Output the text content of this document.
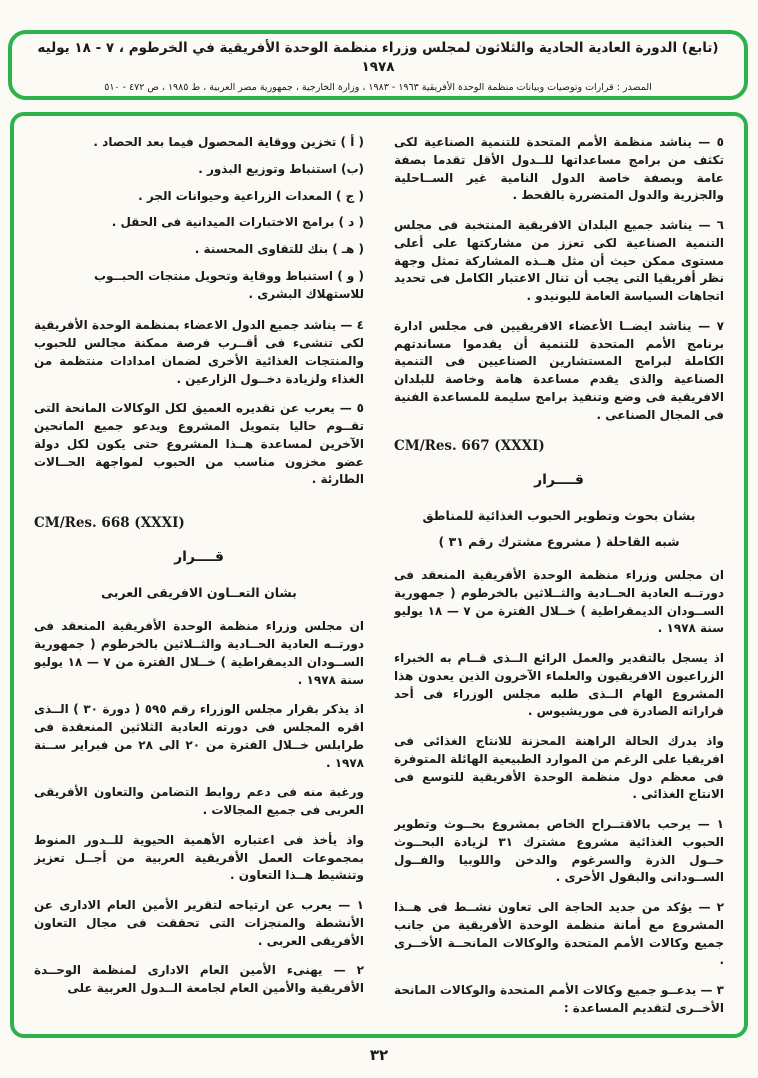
(تابع) الدورة العادية الحادية والثلاثون لمجلس وزراء منظمة الوحدة الأفريقية في الخرطوم ، ٧ - ١٨ يوليه ١٩٧٨
المصدر : قرارات وتوصيات وبيانات منظمة الوحدة الأفريقية ١٩٦٣ - ١٩٨٣ ، وزارة الخارجية ، جمهورية مصر العربية ، ط ١٩٨٥ ، ص ٤٧٢ - ٥١٠

٥ — يناشد منظمة الأمم المتحدة للتنمية الصناعية لكى تكثف من برامج مساعداتها للــدول الأقل تقدما بصفة عامة وبصفة خاصة الدول النامية غير الســاحلية والجزرية والدول المتضررة بالقحط .

٦ — يناشد جميع البلدان الافريقية المنتخبة فى مجلس التنمية الصناعية لكى تعزز من مشاركتها على أعلى مستوى ممكن حيث أن مثل هــذه المشاركة تمثل وجهة نظر أفريقيا التى يجب أن تنال الاعتبار الكامل فى تحديد اتجاهات السياسة العامة لليونيدو .

٧ — يناشد ايضــا الأعضاء الافريقيين فى مجلس ادارة برنامج الأمم المتحدة للتنمية أن يقدموا مساندتهم الكاملة لبرامج المستشارين الصناعيين فى التنمية الصناعية والذى يقدم مساعدة هامة وخاصة للبلدان الافريقية فى وضع وتنفيذ برامج سليمة للمساعدة الفنية فى المجال الصناعى .

CM/Res. 667 (XXXI)
قــــرار
بشان بحوث وتطوير الحبوب الغذائية للمناطق
شبه القاحلة ( مشروع مشترك رقم ٣١ )

ان مجلس وزراء منظمة الوحدة الأفريقية المنعقد فى دورتــه العادية الحــادية والثــلاثين بالخرطوم ( جمهورية الســودان الديمقراطية ) خــلال الفترة من ٧ — ١٨ يوليو سنة ١٩٧٨ .

اذ يسجل بالتقدير والعمل الرائع الــذى قــام به الخبراء الزراعيون الافريقيون والعلماء الآخرون الذين يعدون هذا المشروع الهام الــذى طلبه مجلس الوزراء فى أحد قراراته الصادرة فى موريشيوس .

واذ يدرك الحالة الراهنة المحزنة للانتاج الغذائى فى افريقيا على الرغم من الموارد الطبيعية الهائلة المتوفرة فى معظم دول منظمة الوحدة الأفريقية للتوسع فى الانتاج الغذائى .

١ — يرحب بالاقتــراح الخاص بمشروع بحــوث وتطوير الحبوب الغذائية مشروع مشترك ٣١ لزيادة البحــوث حــول الذرة والسرغوم والدخن واللوبيا والفــول الســودانى والبقول الأخرى .

٢ — يؤكد من جديد الحاجة الى تعاون نشــط فى هــذا المشروع مع أمانة منظمة الوحدة الأفريقية من جانب جميع وكالات الأمم المتحدة والوكالات المانحــة الأخــرى .

٣ — يدعــو جميع وكالات الأمم المتحدة والوكالات المانحة الأخــرى لتقديم المساعدة :

( أ ) تخزين ووقاية المحصول فيما بعد الحصاد .
(ب) استنباط وتوزيع البذور .
( ج ) المعدات الزراعية وحيوانات الجر .
( د ) برامج الاختبارات الميدانية فى الحقل .
( هـ ) بنك للتقاوى المحسنة .
( و ) استنباط ووقاية وتحويل منتجات الحبــوب للاستهلاك البشرى .

٤ — يناشد جميع الدول الاعضاء بمنظمة الوحدة الأفريقية لكى تنشىء فى أقــرب فرصة ممكنة مجالس للحبوب والمنتجات الغذائية الأخرى لضمان امدادات منتظمة من الغذاء ولزيادة دخــول الزارعين .

٥ — يعرب عن تقديره العميق لكل الوكالات المانحة التى تقــوم حاليا بتمويل المشروع ويدعو جميع المانحين الآخرين لمساعدة هــذا المشروع حتى يكون لكل دولة عضو مخزون مناسب من الحبوب لمواجهة الحــالات الطارئة .

CM/Res. 668 (XXXI)
قــــرار
بشان التعــاون الافريقى العربى

ان مجلس وزراء منظمة الوحدة الأفريقية المنعقد فى دورتــه العادية الحــادية والثــلاثين بالخرطوم ( جمهورية الســودان الديمقراطية ) خــلال الفترة من ٧ — ١٨ يوليو سنة ١٩٧٨ .

اذ يذكر بقرار مجلس الوزراء رقم ٥٩٥ ( دورة ٣٠ ) الــذى اقره المجلس فى دورته العادية الثلاثين المنعقدة فى طرابلس خــلال الفترة من ٢٠ الى ٢٨ من فبراير ســنة ١٩٧٨ .

ورغبة منه فى دعم روابط التضامن والتعاون الأفريقى العربى فى جميع المجالات .

واذ يأخذ فى اعتباره الأهمية الحيوية للــدور المنوط بمجموعات العمل الأفريقية العربية من أجــل تعزيز وتنشيط هــذا التعاون .

١ — يعرب عن ارتياحه لتقرير الأمين العام الادارى عن الأنشطة والمنجزات التى تحققت فى مجال التعاون الأفريقى العربى .

٢ — يهنىء الأمين العام الادارى لمنظمة الوحــدة الأفريقية والأمين العام لجامعة الــدول العربية على

٣٢
